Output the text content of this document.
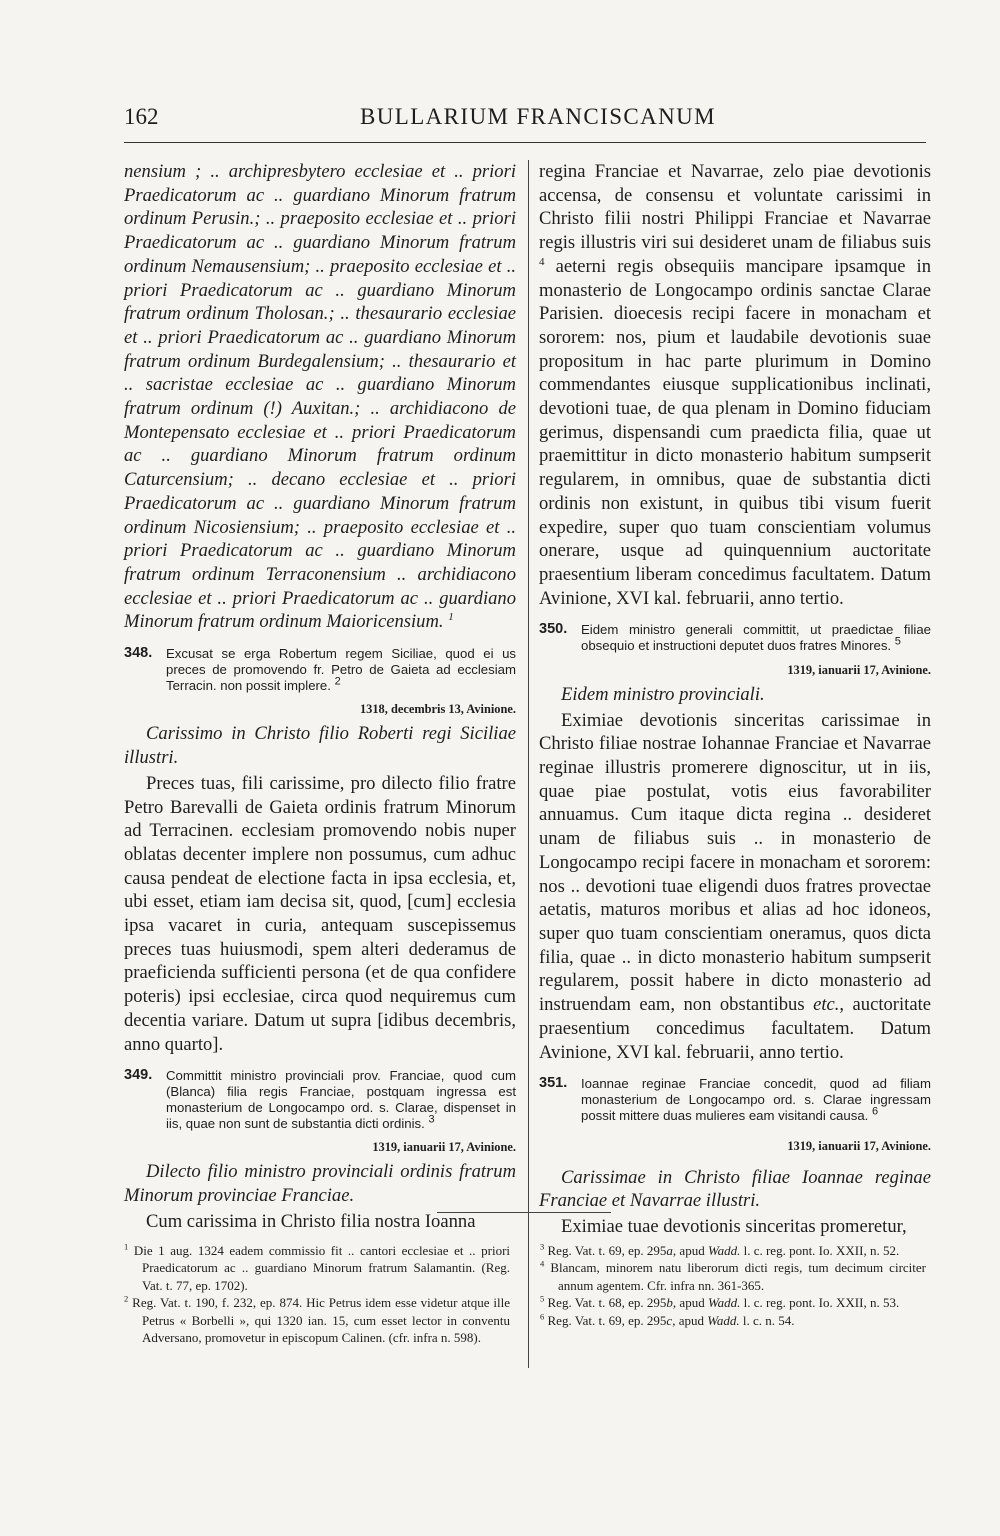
162	BULLARIUM FRANCISCANUM

nensium ; .. archipresbytero ecclesiae et .. priori Praedicatorum ac .. guardiano Minorum fratrum ordinum Perusin.; .. praeposito ecclesiae et .. priori Praedicatorum ac .. guardiano Minorum fratrum ordinum Nemausensium; .. praeposito ecclesiae et .. priori Praedicatorum ac .. guardiano Minorum fratrum ordinum Tholosan.; .. thesaurario ecclesiae et .. priori Praedicatorum ac .. guardiano Minorum fratrum ordinum Burdegalensium; .. thesaurario et .. sacristae ecclesiae ac .. guardiano Minorum fratrum ordinum (!) Auxitan.; .. archidiacono de Montepensato ecclesiae et .. priori Praedicatorum ac .. guardiano Minorum fratrum ordinum Caturcensium; .. decano ecclesiae et .. priori Praedicatorum ac .. guardiano Minorum fratrum ordinum Nicosiensium; .. praeposito ecclesiae et .. priori Praedicatorum ac .. guardiano Minorum fratrum ordinum Terraconensium .. archidiacono ecclesiae et .. priori Praedicatorum ac .. guardiano Minorum fratrum ordinum Maioricensium. $^1$

348.	Excusat se erga Robertum regem Siciliae, quod ei us preces de promovendo fr. Petro de Gaieta ad ecclesiam Terracin. non possit implere. $^2$
1318, decembris 13, Avinione.

Carissimo in Christo filio Roberti regi Siciliae illustri.

Preces tuas, fili carissime, pro dilecto filio fratre Petro Barevalli de Gaieta ordinis fratrum Minorum ad Terracinen. ecclesiam promovendo nobis nuper oblatas decenter implere non possumus, cum adhuc causa pendeat de electione facta in ipsa ecclesia, et, ubi esset, etiam iam decisa sit, quod, [cum] ecclesia ipsa vacaret in curia, antequam suscepissemus preces tuas huiusmodi, spem alteri dederamus de praeficienda sufficienti persona (et de qua confidere poteris) ipsi ecclesiae, circa quod nequiremus cum decentia variare. Datum ut supra [idibus decembris, anno quarto].

349.	Committit ministro provinciali prov. Franciae, quod cum (Blanca) filia regis Franciae, postquam ingressa est monasterium de Longocampo ord. s. Clarae, dispenset in iis, quae non sunt de substantia dicti ordinis. $^3$
1319, ianuarii 17, Avinione.

Dilecto filio ministro provinciali ordinis fratrum Minorum provinciae Franciae.

Cum carissima in Christo filia nostra Ioanna

regina Franciae et Navarrae, zelo piae devotionis accensa, de consensu et voluntate carissimi in Christo filii nostri Philippi Franciae et Navarrae regis illustris viri sui desideret unam de filiabus suis $^4$ aeterni regis obsequiis mancipare ipsamque in monasterio de Longocampo ordinis sanctae Clarae Parisien. dioecesis recipi facere in monacham et sororem: nos, pium et laudabile devotionis suae propositum in hac parte plurimum in Domino commendantes eiusque supplicationibus inclinati, devotioni tuae, de qua plenam in Domino fiduciam gerimus, dispensandi cum praedicta filia, quae ut praemittitur in dicto monasterio habitum sumpserit regularem, in omnibus, quae de substantia dicti ordinis non existunt, in quibus tibi visum fuerit expedire, super quo tuam conscientiam volumus onerare, usque ad quinquennium auctoritate praesentium liberam concedimus facultatem. Datum Avinione, XVI kal. februarii, anno tertio.

350.	Eidem ministro generali committit, ut praedictae filiae obsequio et instructioni deputet duos fratres Minores. $^5$
1319, ianuarii 17, Avinione.

Eidem ministro provinciali.

Eximiae devotionis sinceritas carissimae in Christo filiae nostrae Iohannae Franciae et Navarrae reginae illustris promerere dignoscitur, ut in iis, quae piae postulat, votis eius favorabiliter annuamus. Cum itaque dicta regina .. desideret unam de filiabus suis .. in monasterio de Longocampo recipi facere in monacham et sororem: nos .. devotioni tuae eligendi duos fratres provectae aetatis, maturos moribus et alias ad hoc idoneos, super quo tuam conscientiam oneramus, quos dicta filia, quae .. in dicto monasterio habitum sumpserit regularem, possit habere in dicto monasterio ad instruendam eam, non obstantibus etc., auctoritate praesentium concedimus facultatem. Datum Avinione, XVI kal. februarii, anno tertio.

351.	Ioannae reginae Franciae concedit, quod ad filiam monasterium de Longocampo ord. s. Clarae ingressam possit mittere duas mulieres eam visitandi causa. $^6$
1319, ianuarii 17, Avinione.

Carissimae in Christo filiae Ioannae reginae Franciae et Navarrae illustri.

Eximiae tuae devotionis sinceritas promeretur,

$^1$ Die 1 aug. 1324 eadem commissio fit .. cantori ecclesiae et .. priori Praedicatorum ac .. guardiano Minorum fratrum Salamantin. (Reg. Vat. t. 77, ep. 1702).

$^2$ Reg. Vat. t. 190, f. 232, ep. 874. Hic Petrus idem esse videtur atque ille Petrus « Borbelli », qui 1320 ian. 15, cum esset lector in conventu Adversano, promovetur in episcopum Calinen. (cfr. infra n. 598).

$^3$ Reg. Vat. t. 69, ep. 295a, apud Wadd. l. c. reg. pont. Io. XXII, n. 52.

$^4$ Blancam, minorem natu liberorum dicti regis, tum decimum circiter annum agentem. Cfr. infra nn. 361-365.

$^5$ Reg. Vat. t. 68, ep. 295b, apud Wadd. l. c. reg. pont. Io. XXII, n. 53.

$^6$ Reg. Vat. t. 69, ep. 295c, apud Wadd. l. c. n. 54.
